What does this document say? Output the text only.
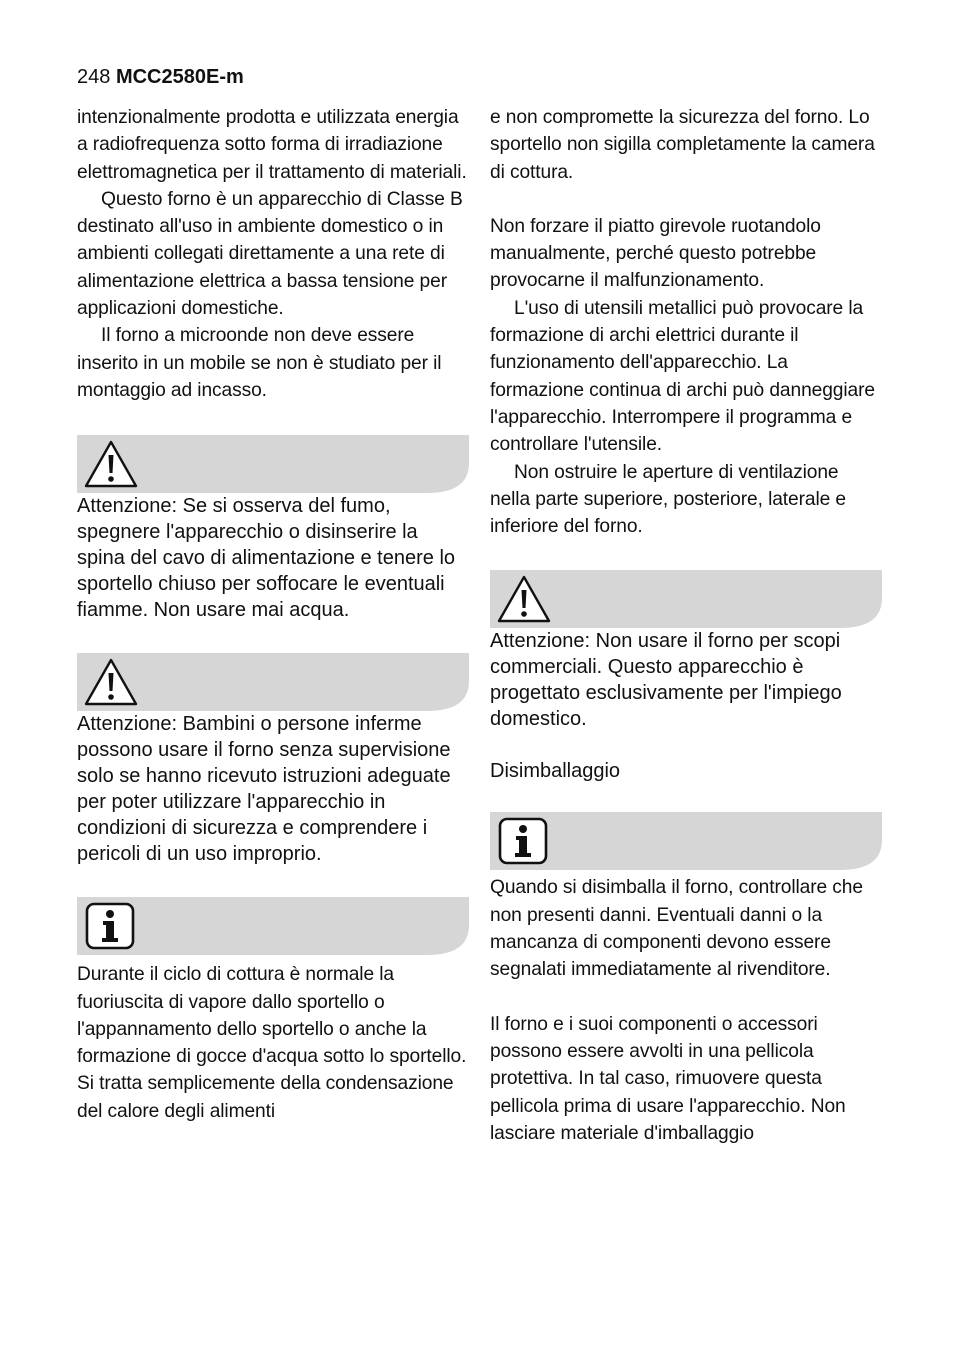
248 MCC2580E-m

intenzionalmente prodotta e utilizzata energia a radiofrequenza sotto forma di irradiazione elettromagnetica per il trattamento di materiali.

Questo forno è un apparecchio di Classe B destinato all'uso in ambiente domestico o in ambienti collegati direttamente a una rete di alimentazione elettrica a bassa tensione per applicazioni domestiche.

Il forno a microonde non deve essere inserito in un mobile se non è studiato per il montaggio ad incasso.

Attenzione: Se si osserva del fumo, spegnere l'apparecchio o disinserire la spina del cavo di alimentazione e tenere lo sportello chiuso per soffocare le eventuali fiamme. Non usare mai acqua.

Attenzione: Bambini o persone inferme possono usare il forno senza supervisione solo se hanno ricevuto istruzioni adeguate per poter utilizzare l'apparecchio in condizioni di sicurezza e comprendere i pericoli di un uso improprio.

Durante il ciclo di cottura è normale la fuoriuscita di vapore dallo sportello o l'appannamento dello sportello o anche la formazione di gocce d'acqua sotto lo sportello. Si tratta semplicemente della condensazione del calore degli alimenti

e non compromette la sicurezza del forno. Lo sportello non sigilla completamente la camera di cottura.

Non forzare il piatto girevole ruotandolo manualmente, perché questo potrebbe provocarne il malfunzionamento.

L'uso di utensili metallici può provocare la formazione di archi elettrici durante il funzionamento dell'apparecchio. La formazione continua di archi può danneggiare l'apparecchio. Interrompere il programma e controllare l'utensile.

Non ostruire le aperture di ventilazione nella parte superiore, posteriore, laterale e inferiore del forno.

Attenzione: Non usare il forno per scopi commerciali. Questo apparecchio è progettato esclusivamente per l'impiego domestico.

Disimballaggio

Quando si disimballa il forno, controllare che non presenti danni. Eventuali danni o la mancanza di componenti devono essere segnalati immediatamente al rivenditore.

Il forno e i suoi componenti o accessori possono essere avvolti in una pellicola protettiva. In tal caso, rimuovere questa pellicola prima di usare l'apparecchio. Non lasciare materiale d'imballaggio
